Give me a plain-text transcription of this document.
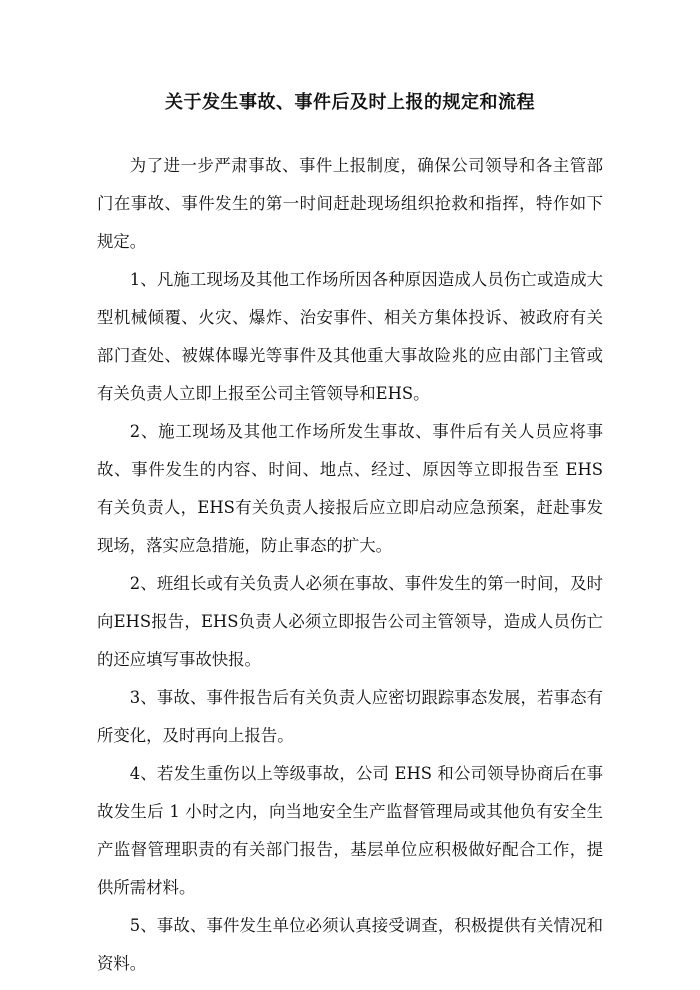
关于发生事故、事件后及时上报的规定和流程

为了进一步严肃事故、事件上报制度，确保公司领导和各主管部门在事故、事件发生的第一时间赶赴现场组织抢救和指挥，特作如下规定。

1、凡施工现场及其他工作场所因各种原因造成人员伤亡或造成大型机械倾覆、火灾、爆炸、治安事件、相关方集体投诉、被政府有关部门查处、被媒体曝光等事件及其他重大事故险兆的应由部门主管或有关负责人立即上报至公司主管领导和EHS。

2、施工现场及其他工作场所发生事故、事件后有关人员应将事故、事件发生的内容、时间、地点、经过、原因等立即报告至 EHS 有关负责人，EHS有关负责人接报后应立即启动应急预案，赶赴事发现场，落实应急措施，防止事态的扩大。

2、班组长或有关负责人必须在事故、事件发生的第一时间，及时向EHS报告，EHS负责人必须立即报告公司主管领导，造成人员伤亡的还应填写事故快报。

3、事故、事件报告后有关负责人应密切跟踪事态发展，若事态有所变化，及时再向上报告。

4、若发生重伤以上等级事故，公司 EHS 和公司领导协商后在事故发生后 1 小时之内，向当地安全生产监督管理局或其他负有安全生产监督管理职责的有关部门报告，基层单位应积极做好配合工作，提供所需材料。

5、事故、事件发生单位必须认真接受调查，积极提供有关情况和资料。
